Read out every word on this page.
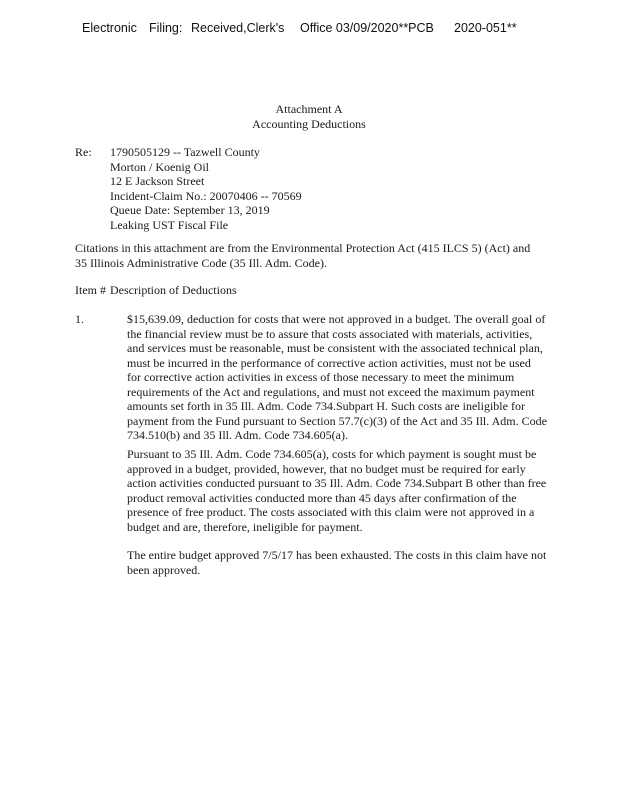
Electronic Filing: Received,Clerk's Office 03/09/2020**PCB 2020-051**
Attachment A
Accounting Deductions
Re: 1790505129 -- Tazwell County
Morton / Koenig Oil
12 E Jackson Street
Incident-Claim No.: 20070406 -- 70569
Queue Date: September 13, 2019
Leaking UST Fiscal File
Citations in this attachment are from the Environmental Protection Act (415 ILCS 5) (Act) and 35 Illinois Administrative Code (35 Ill. Adm. Code).
Item # Description of Deductions
1.	$15,639.09, deduction for costs that were not approved in a budget. The overall goal of the financial review must be to assure that costs associated with materials, activities, and services must be reasonable, must be consistent with the associated technical plan, must be incurred in the performance of corrective action activities, must not be used for corrective action activities in excess of those necessary to meet the minimum requirements of the Act and regulations, and must not exceed the maximum payment amounts set forth in 35 Ill. Adm. Code 734.Subpart H. Such costs are ineligible for payment from the Fund pursuant to Section 57.7(c)(3) of the Act and 35 Ill. Adm. Code 734.510(b) and 35 Ill. Adm. Code 734.605(a).
Pursuant to 35 Ill. Adm. Code 734.605(a), costs for which payment is sought must be approved in a budget, provided, however, that no budget must be required for early action activities conducted pursuant to 35 Ill. Adm. Code 734.Subpart B other than free product removal activities conducted more than 45 days after confirmation of the presence of free product. The costs associated with this claim were not approved in a budget and are, therefore, ineligible for payment.
The entire budget approved 7/5/17 has been exhausted. The costs in this claim have not been approved.
